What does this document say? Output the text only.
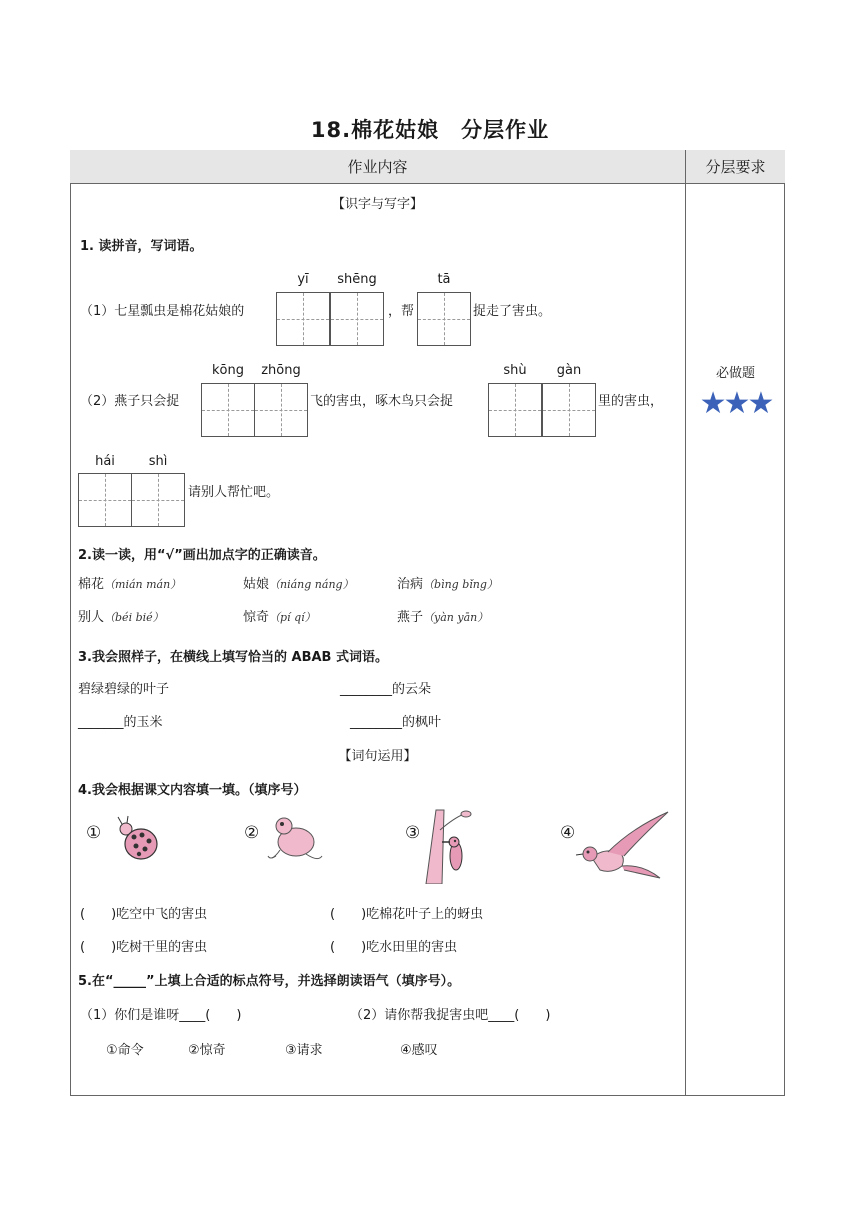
18.棉花姑娘　分层作业
作业内容	分层要求
必做题
★★★
【识字与写字】
1. 读拼音，写词语。
yī	shēng	tā
（1）七星瓢虫是棉花姑娘的	，帮	捉走了害虫。
kōng	zhōng	shù	gàn
（2）燕子只会捉	飞的害虫，啄木鸟只会捉	里的害虫，
hái	shì
请别人帮忙吧。
2.读一读，用“√”画出加点字的正确读音。
棉花（mián mán）	姑娘（niáng náng）	治病（bìng bǐng）
别人（béi bié）	惊奇（pí qí）	燕子（yàn yān）
3.我会照样子，在横线上填写恰当的 ABAB 式词语。
碧绿碧绿的叶子	________的云朵
_______的玉米	________的枫叶
【词句运用】
4.我会根据课文内容填一填。（填序号）
①	②	③	④
(　　)吃空中飞的害虫	(　　)吃棉花叶子上的蚜虫
(　　)吃树干里的害虫	(　　)吃水田里的害虫
5.在“_____”上填上合适的标点符号，并选择朗读语气（填序号）。
（1）你们是谁呀____(　　)	（2）请你帮我捉害虫吧____(　　)
①命令	②惊奇	③请求	④感叹
